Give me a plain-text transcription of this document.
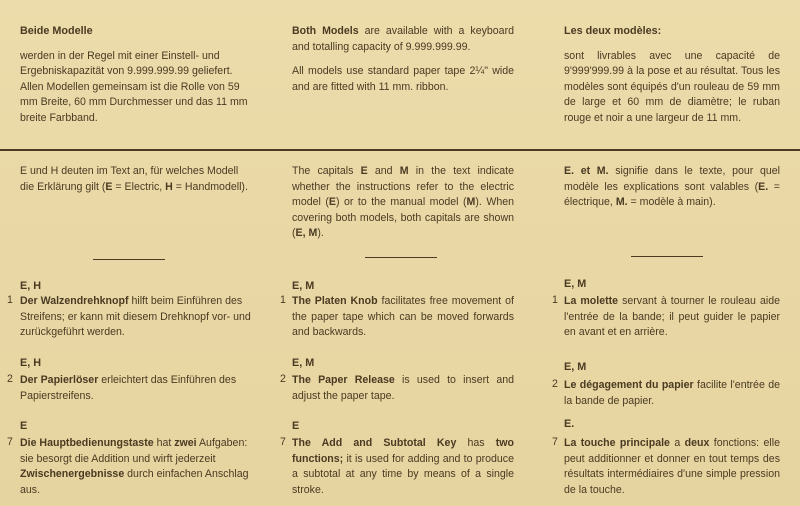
Beide Modelle

werden in der Regel mit einer Einstell- und Ergebniskapazität von 9.999.999.99 geliefert. Allen Modellen gemeinsam ist die Rolle von 59 mm Breite, 60 mm Durchmesser und das 11 mm breite Farbband.

Both Models are available with a keyboard and totalling capacity of 9.999.999.99.

All models use standard paper tape 2¼" wide and are fitted with 11 mm. ribbon.

Les deux modèles:

sont livrables avec une capacité de 9'999'999.99 à la pose et au résultat. Tous les modèles sont équipés d'un rouleau de 59 mm de large et 60 mm de diamètre; le ruban rouge et noir a une largeur de 11 mm.

E und H deuten im Text an, für welches Modell die Erklärung gilt (E = Electric, H = Handmodell).

The capitals E and M in the text indicate whether the instructions refer to the electric model (E) or to the manual model (M). When covering both models, both capitals are shown (E, M).

E. et M. signifie dans le texte, pour quel modèle les explications sont valables (E. = électrique, M. = modèle à main).

E, H
1 Der Walzendrehknopf hilft beim Einführen des Streifens; er kann mit diesem Drehknopf vor- und zurückgeführt werden.

E, H
2 Der Papierlöser erleichtert das Einführen des Papierstreifens.

E
7 Die Hauptbedienungstaste hat zwei Aufgaben: sie besorgt die Addition und wirft jederzeit Zwischenergebnisse durch einfachen Anschlag aus.

E, M
1 The Platen Knob facilitates free movement of the paper tape which can be moved forwards and backwards.

E, M
2 The Paper Release is used to insert and adjust the paper tape.

E
7 The Add and Subtotal Key has two functions; it is used for adding and to produce a subtotal at any time by means of a single stroke.

E, M
1 La molette servant à tourner le rouleau aide l'entrée de la bande; il peut guider le papier en avant et en arrière.

E, M
2 Le dégagement du papier facilite l'entrée de la bande de papier.

E.
7 La touche principale a deux fonctions: elle peut additionner et donner en tout temps des résultats intermédiaires d'une simple pression de la touche.
